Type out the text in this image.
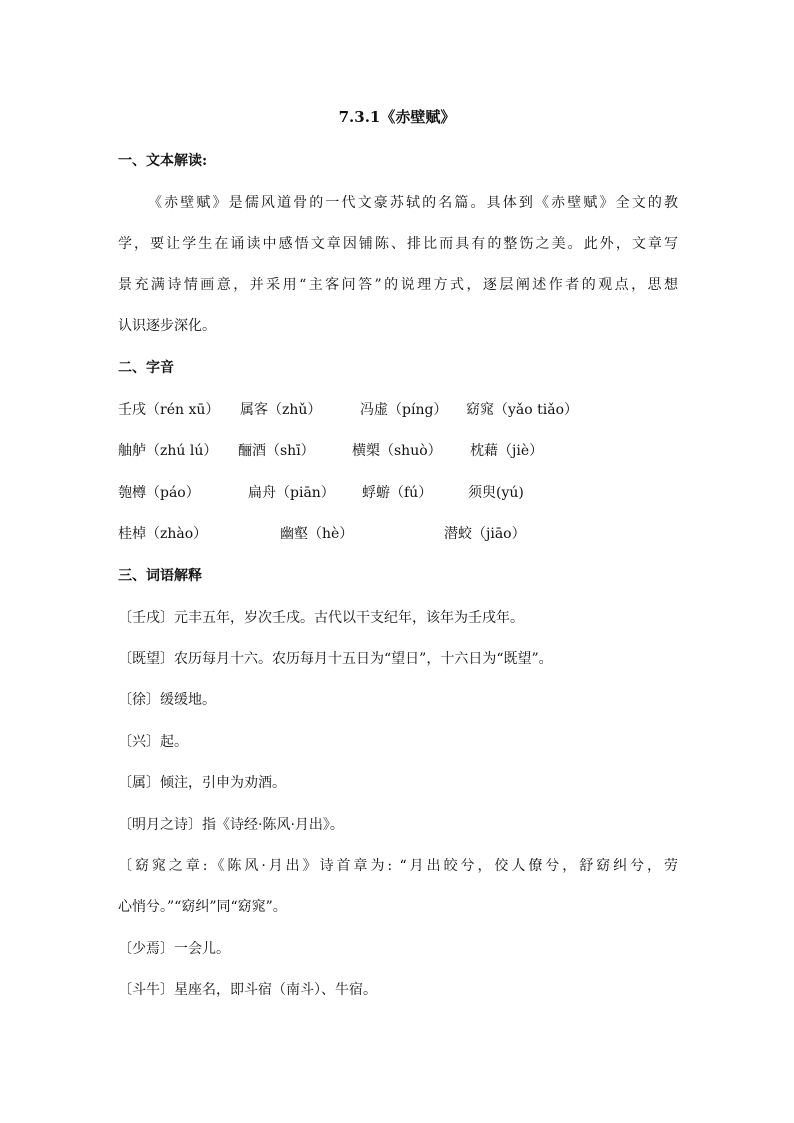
7.3.1《赤壁赋》
一、文本解读:
《赤壁赋》是儒风道骨的一代文豪苏轼的名篇。具体到《赤壁赋》全文的教
学，要让学生在诵读中感悟文章因铺陈、排比而具有的整饬之美。此外，文章写
景充满诗情画意，并采用“主客问答”的说理方式，逐层阐述作者的观点，思想
认识逐步深化。
二、字音
壬戌（rén xū） 属客（zhǔ）	冯虚（píng） 窈窕（yǎo tiǎo）
舳舻（zhú lú） 酾酒（shī）	横槊（shuò） 枕藉（jiè）
匏樽（páo）	扁舟（piān） 蜉蝣（fú）	须臾(yú)
桂棹（zhào）	幽壑（hè）	潜蛟（jiāo）
三、词语解释
〔壬戌〕元丰五年，岁次壬戌。古代以干支纪年，该年为壬戌年。
〔既望〕农历每月十六。农历每月十五日为“望日”，十六日为“既望”。
〔徐〕缓缓地。
〔兴〕起。
〔属〕倾注，引申为劝酒。
〔明月之诗〕指《诗经·陈风·月出》。
〔窈窕之章:《陈风·月出》诗首章为: “月出皎兮，佼人僚兮，舒窈纠兮，劳
心悄兮。”“窈纠”同“窈窕”。
〔少焉〕一会儿。
〔斗牛〕星座名，即斗宿（南斗）、牛宿。
